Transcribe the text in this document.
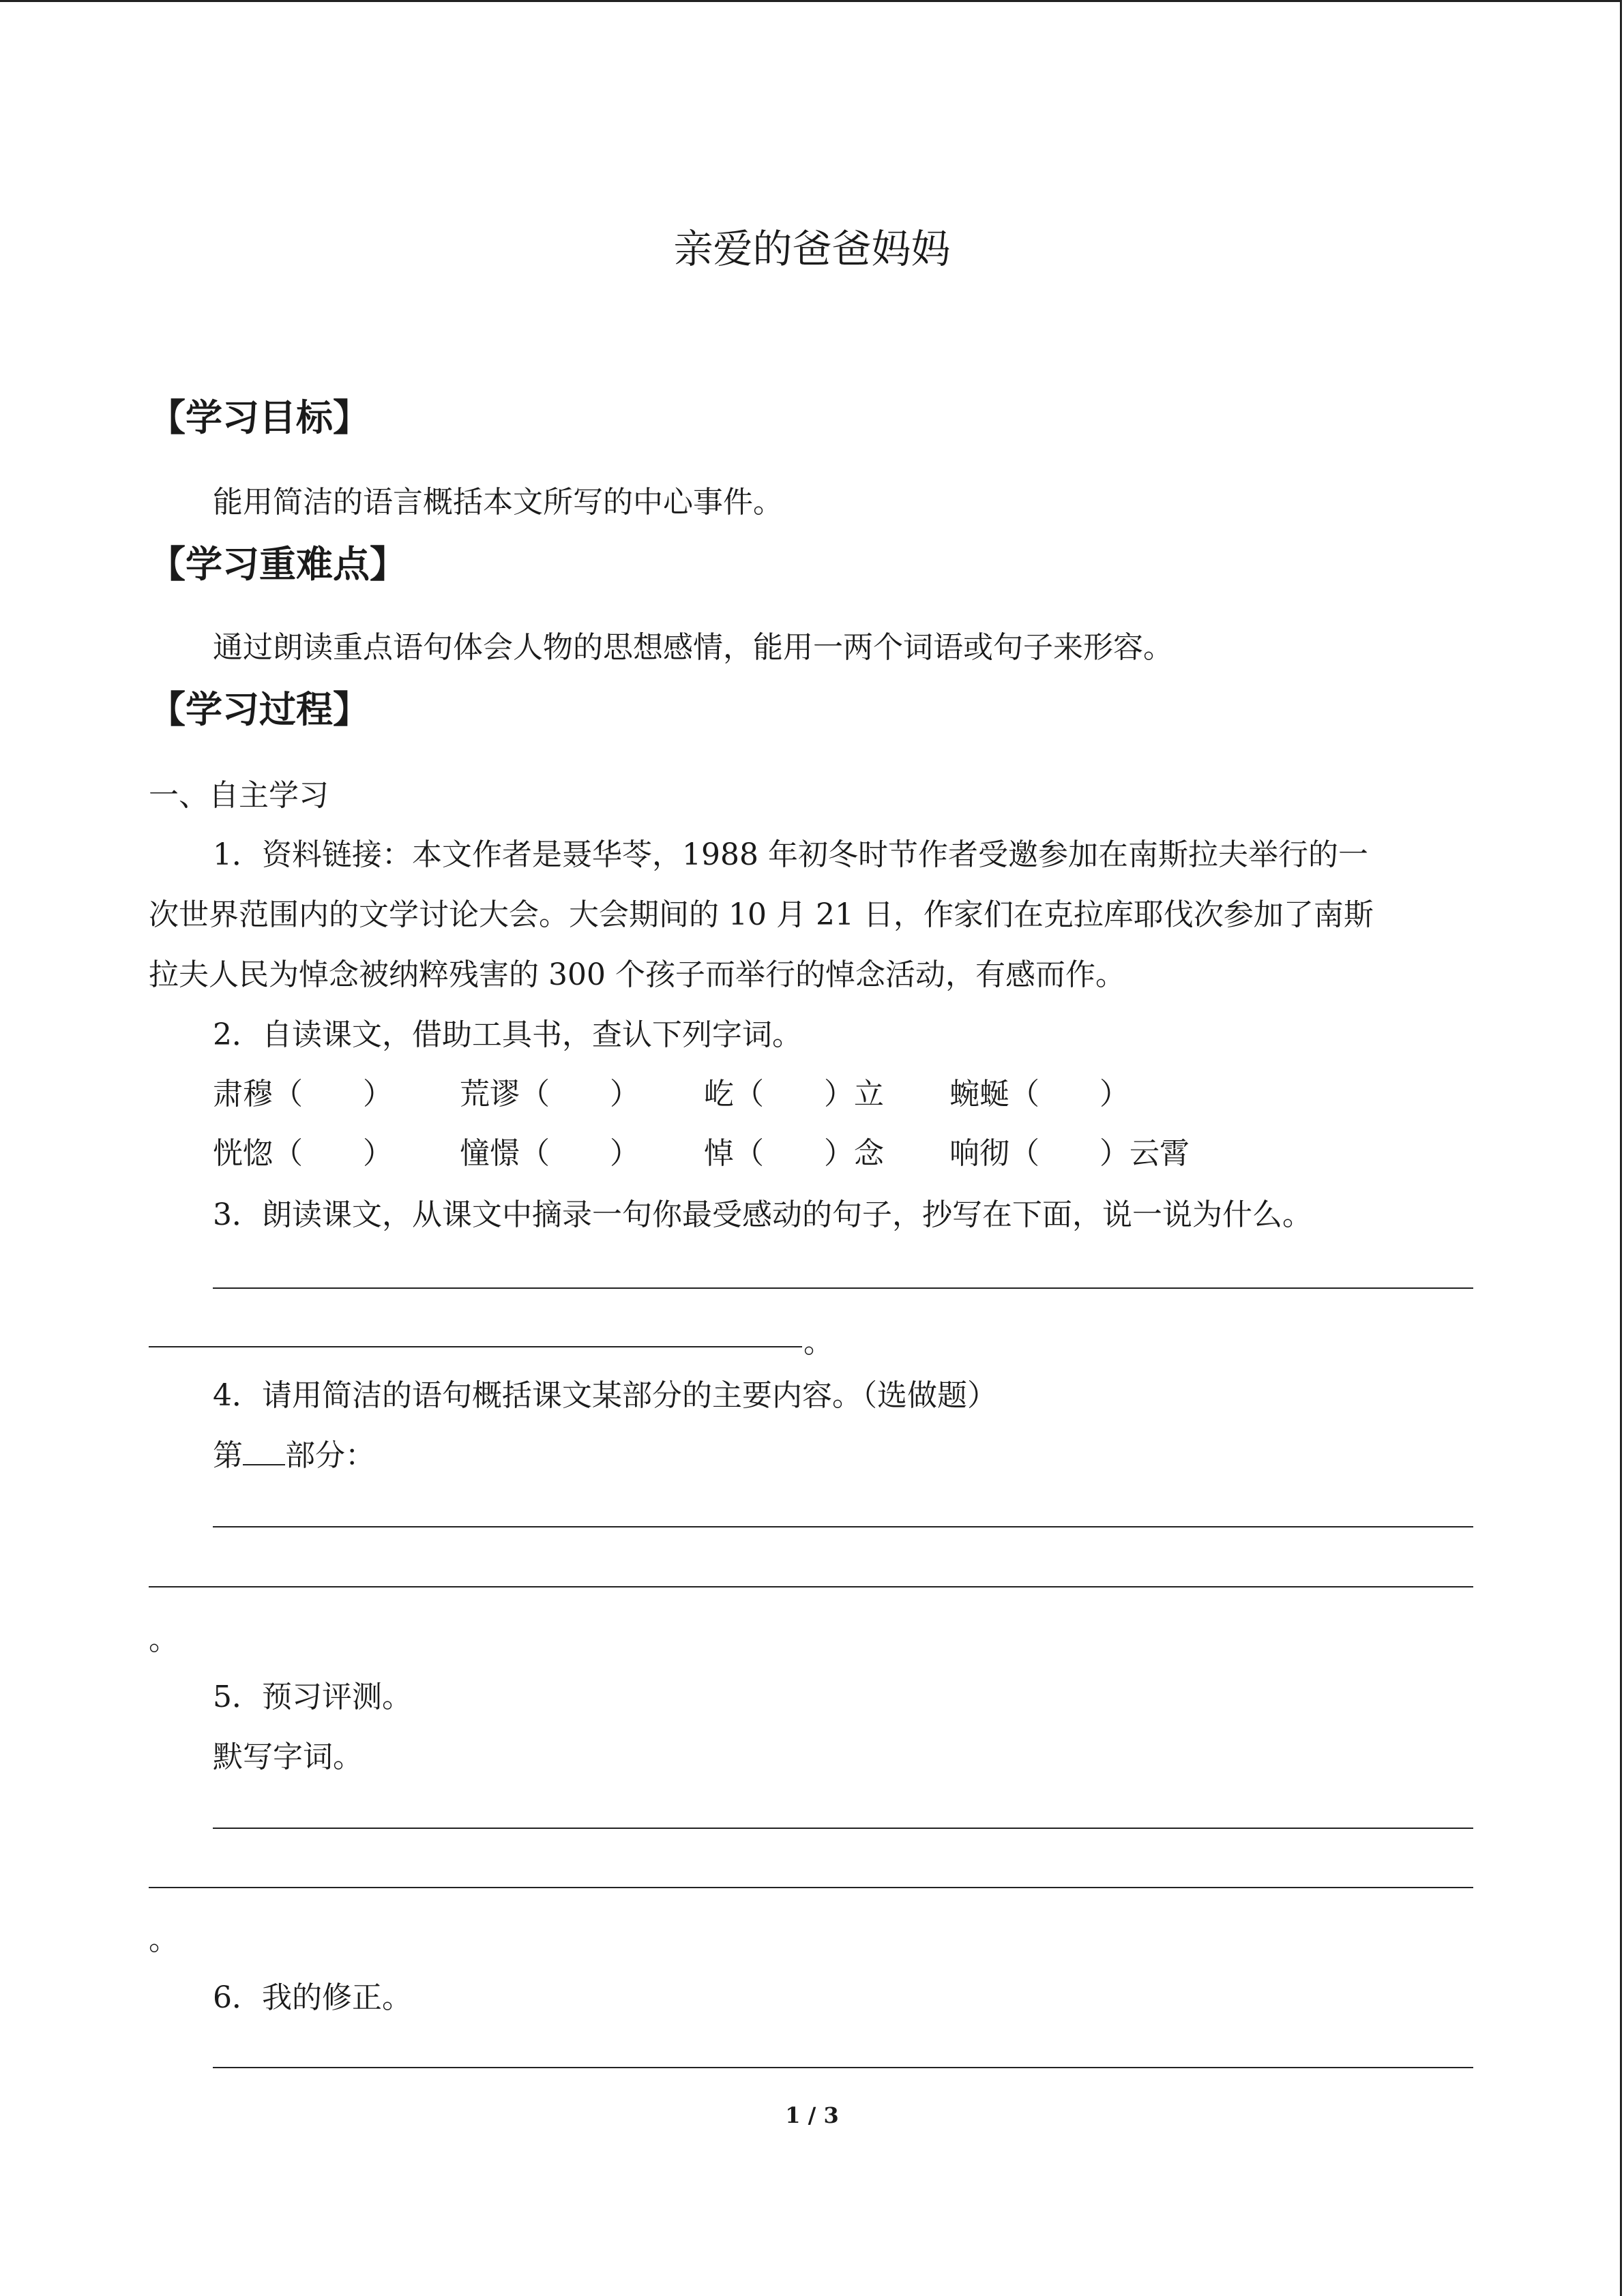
亲爱的爸爸妈妈
【学习目标】
能用简洁的语言概括本文所写的中心事件。
【学习重难点】
通过朗读重点语句体会人物的思想感情，能用一两个词语或句子来形容。
【学习过程】
一、自主学习
1．资料链接：本文作者是聂华苓，1988 年初冬时节作者受邀参加在南斯拉夫举行的一
次世界范围内的文学讨论大会。大会期间的 10 月 21 日，作家们在克拉库耶伐次参加了南斯
拉夫人民为悼念被纳粹残害的 300 个孩子而举行的悼念活动，有感而作。
2．自读课文，借助工具书，查认下列字词。
肃穆（　　） 荒谬（　　） 屹（　　）立 蜿蜒（　　）
恍惚（　　） 憧憬（　　） 悼（　　）念 响彻（　　）云霄
3．朗读课文，从课文中摘录一句你最受感动的句子，抄写在下面，说一说为什么。
。
4．请用简洁的语句概括课文某部分的主要内容。（选做题）
第 部分：
。
5．预习评测。
默写字词。
。
6．我的修正。
1 / 3
